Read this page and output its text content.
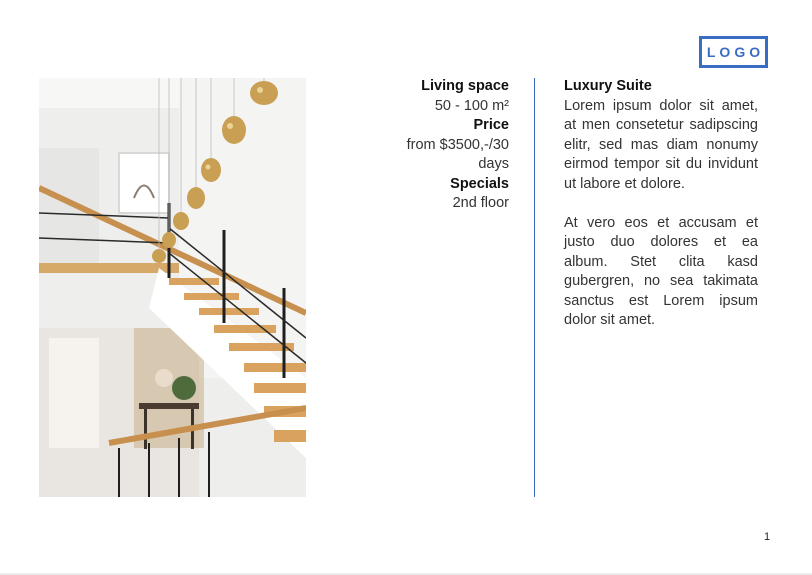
LOGO
Living space
50 - 100 m²
Price
from $3500,-/30
days
Specials
2nd floor
Luxury Suite

Lorem ipsum dolor sit amet, at men consetetur sadipscing elitr, sed mas diam nonumy eirmod tempor sit du invidunt ut labore et dolore.

At vero eos et accusam et justo duo dolores et ea album. Stet clita kasd gubergren, no sea takimata sanctus est Lorem ipsum dolor sit amet.

1
